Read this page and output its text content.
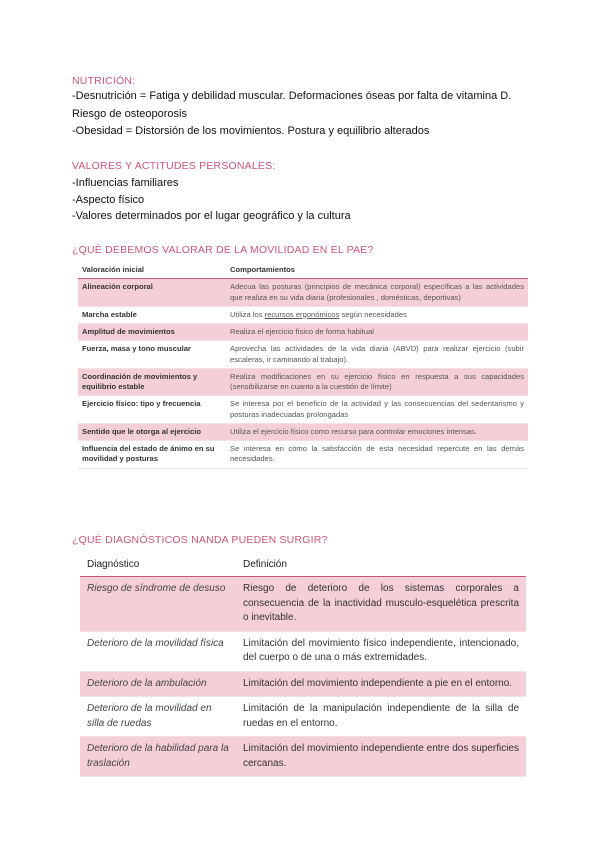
NUTRICIÓN:
-Desnutrición = Fatiga y debilidad muscular. Deformaciones óseas por falta de vitamina D.
Riesgo de osteoporosis
-Obesidad = Distorsión de los movimientos. Postura y equilibrio alterados
VALORES Y ACTITUDES PERSONALES:
-Influencias familiares
-Aspecto físico
-Valores determinados por el lugar geográfico y la cultura
¿QUÉ DEBEMOS VALORAR DE LA MOVILIDAD EN EL PAE?
Valoración inicial	Comportamientos
Alineación corporal	Adecua las posturas (principios de mecánica corporal) específicas a las actividades que realiza en su vida diaria (profesionales , domésticas, deportivas)
Marcha estable	Utiliza los recursos ergonómicos según necesidades
Amplitud de movimientos	Realiza el ejercicio físico de forma habitual
Fuerza, masa y tono muscular	Aprovecha las actividades de la vida diaria (ABVD) para realizar ejercicio (subir escaleras, ir caminando al trabajo).
Coordinación de movimientos y equilibrio estable	Realiza modificaciones en su ejercicio físico en respuesta a sus capacidades (sensibilizarse en cuanto a la cuestión de límite)
Ejercicio físico: tipo y frecuencia	Se interesa por el beneficio de la actividad y las consecuencias del sedentarismo y posturas inadecuadas prolongadas
Sentido que le otorga al ejercicio	Utiliza el ejercicio físico como recurso para controlar emociones intensas.
Influencia del estado de ánimo en su movilidad y posturas	Se interesa en cómo la satisfacción de esta necesidad repercute en las demás necesidades.
¿QUÉ DIAGNÓSTICOS NANDA PUEDEN SURGIR?
Diagnóstico	Definición
Riesgo de síndrome de desuso	Riesgo de deterioro de los sistemas corporales a consecuencia de la inactividad musculo-esquelética prescrita o inevitable.
Deterioro de la movilidad física	Limitación del movimiento físico independiente, intencionado, del cuerpo o de una o más extremidades.
Deterioro de la ambulación	Limitación del movimiento independiente a pie en el entorno.
Deterioro de la movilidad en silla de ruedas	Limitación de la manipulación independiente de la silla de ruedas en el entorno.
Deterioro de la habilidad para la traslación	Limitación del movimiento independiente entre dos superficies cercanas.
